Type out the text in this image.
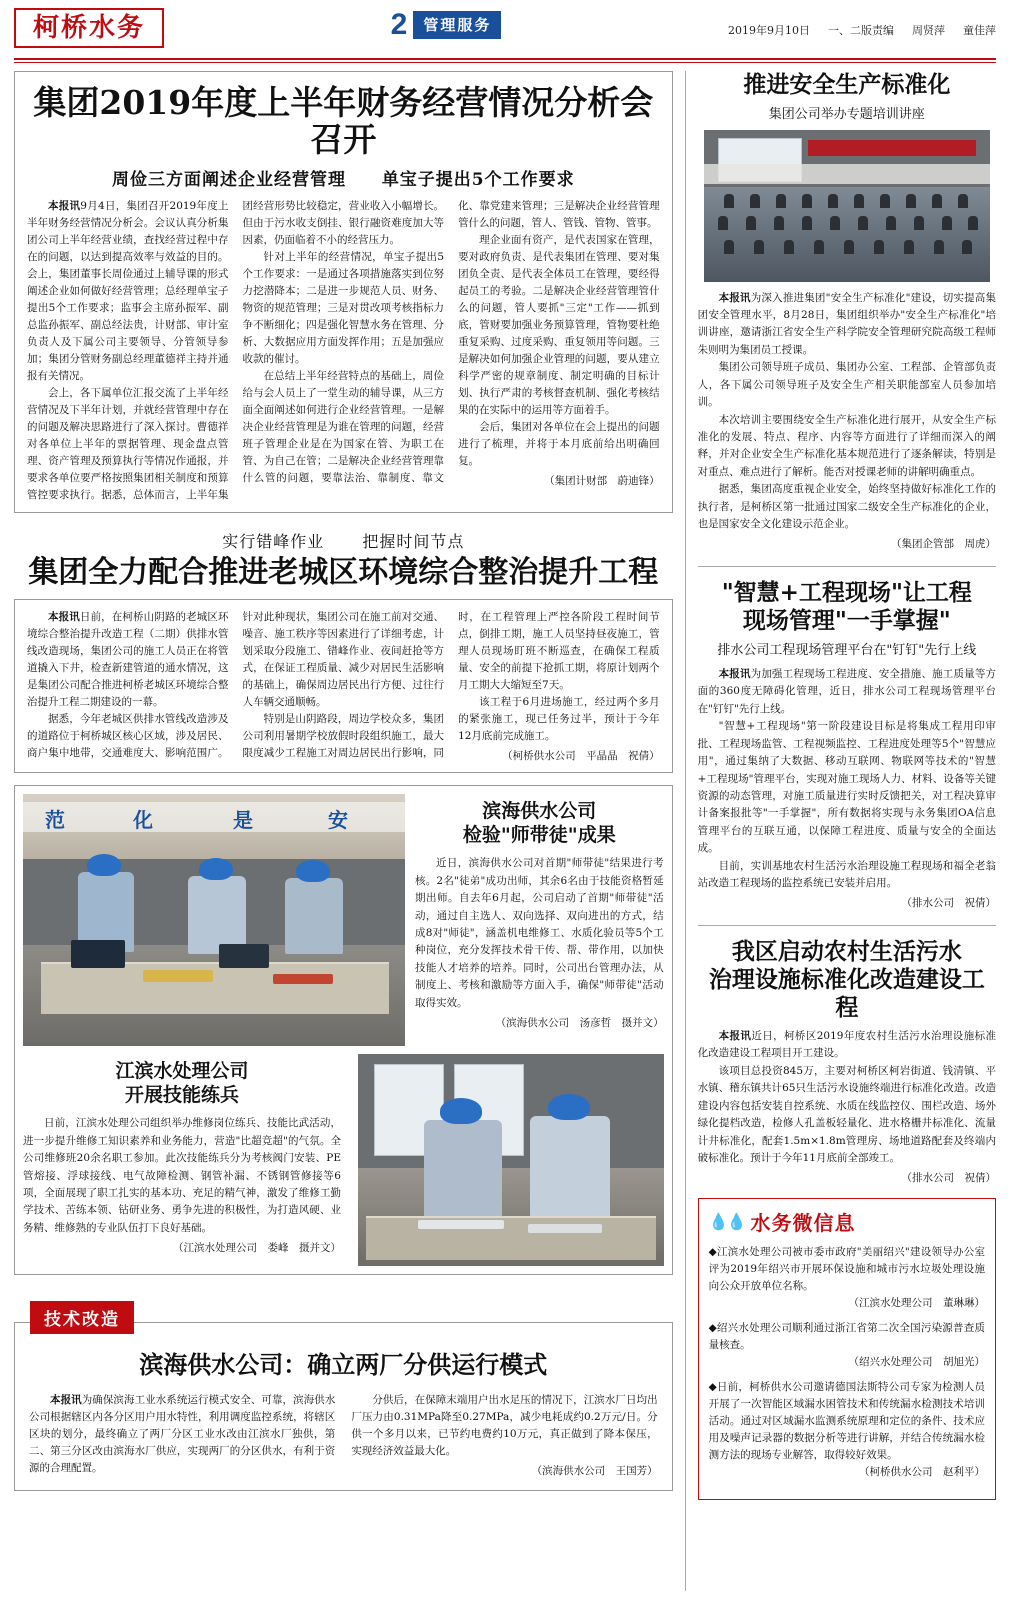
柯桥水务	2	管理服务	2019年9月10日 一、二版责编 周贤萍 童佳萍
集团2019年度上半年财务经营情况分析会召开
周俭三方面阐述企业经营管理 单宝子提出5个工作要求

本报讯9月4日，集团召开2019年度上半年财务经营情况分析会。会议认真分析集团公司上半年经营业绩，查找经营过程中存在的问题，以达到提高效率与效益的目的。会上，集团董事长周俭通过上辅导课的形式阐述企业如何做好经营管理；总经理单宝子提出5个工作要求；监事会主席孙振军、副总监孙振军、副总经法贵，计财部、审计室负责人及下属公司主要领导、分管领导参加；集团分管财务副总经理董德祥主持并通报有关情况。

会上，各下属单位汇报交流了上半年经营情况及下半年计划，并就经营管理中存在的问题及解决思路进行了深入探讨。曹德祥对各单位上半年的票据管理、现金盘点管理、资产管理及预算执行等情况作通报，并要求各单位要严格按照集团相关制度和预算管控要求执行。据悉，总体而言，上半年集团经营形势比较稳定，营业收入小幅增长。但由于污水收支倒挂、银行融资难度加大等因素，仍面临着不小的经营压力。

针对上半年的经营情况，单宝子提出5个工作要求：一是通过各项措施落实到位努力挖潜降本；二是进一步规范人员、财务、物资的规范管理；三是对贯改项考核指标力争不断细化；四是强化智慧水务在管理、分析、大数据应用方面发挥作用；五是加强应收款的催讨。

在总结上半年经营特点的基础上，周俭给与会人员上了一堂生动的辅导课，从三方面全面阐述如何进行企业经营管理。一是解决企业经营管理是为谁在管理的问题，经营班子管理企业是在为国家在管、为职工在管、为自己在管；二是解决企业经营管理靠什么管的问题，要靠法治、靠制度、靠文化、靠党建来管理；三是解决企业经营管理管什么的问题，管人、管钱、管物、管事。

理企业面有资产，是代表国家在管理，要对政府负责、是代表集团在管理、要对集团负全责、是代表全体员工在管理，要经得起员工的考验。二是解决企业经营管理管什么的问题，管人要抓"三定"工作——抓到底，管财要加强业务预算管理，管物要杜绝重复采购、过度采购、重复领用等问题。三是解决如何加强企业管理的问题，要从建立科学严密的规章制度、制定明确的目标计划、执行严肃的考核督查机制、强化考核结果的在实际中的运用等方面着手。

会后，集团对各单位在会上提出的问题进行了梳理，并将于本月底前给出明确回复。

（集团计财部　蔚迪锋）
实行错峰作业 把握时间节点
集团全力配合推进老城区环境综合整治提升工程

本报讯日前，在柯桥山阴路的老城区环境综合整治提升改造工程（二期）供排水管线改造现场，集团公司的施工人员正在将管道撬入下井，检查新建管道的通水情况，这是集团公司配合推进柯桥老城区环境综合整治提升工程二期建设的一幕。

据悉，今年老城区供排水管线改造涉及的道路位于柯桥城区核心区域，涉及居民、商户集中地带，交通难度大、影响范围广。针对此种现状，集团公司在施工前对交通、噪音、施工秩序等因素进行了详细考虑，计划采取分段施工、错峰作业、夜间赶抢等方式，在保证工程质量、减少对居民生活影响的基础上，确保周边居民出行方便、过往行人车辆交通顺畅。

特别是山阴路段，周边学校众多，集团公司利用暑期学校放假时段组织施工，最大限度减少工程施工对周边居民出行影响，同时，在工程管理上严控各阶段工程时间节点，倒排工期，施工人员坚持昼夜施工，管理人员现场盯班不断巡查，在确保工程质量、安全的前提下抢抓工期，将原计划两个月工期大大缩短至7天。

该工程于6月进场施工，经过两个多月的紧张施工，现已任务过半，预计于今年12月底前完成施工。

（柯桥供水公司　平晶晶　祝倩）
范	化	是	安	滨海供水公司
检验"师带徒"成果

近日，滨海供水公司对首期"师带徒"结果进行考核。2名"徒弟"成功出师，其余6名由于技能资格暂延期出师。自去年6月起，公司启动了首期"师带徒"活动，通过自主选人、双向选择、双向进出的方式，结成8对"师徒"，涵盖机电维修工、水质化验员等5个工种岗位，充分发挥技术骨干传、帮、带作用，以加快技能人才培养的培养。同时，公司出台管理办法，从制度上、考核和激励等方面入手，确保"师带徒"活动取得实效。

（滨海供水公司　汤彦哲　摄并文）
江滨水处理公司
开展技能练兵

日前，江滨水处理公司组织举办维修岗位练兵、技能比武活动，进一步提升维修工知识素养和业务能力，营造"比超竞超"的气氛。全公司维修班20余名职工参加。此次技能练兵分为考核阀门安装、PE管熔接、浮球接线、电气故障检测、钢管补漏、不锈钢管修接等6项，全面展现了职工扎实的基本功、充足的精气神，激发了维修工勤学技术、苦练本领、钻研业务、勇争先进的积极性，为打造风硬、业务精、维修熟的专业队伍打下良好基础。

（江滨水处理公司　娄峰　摄并文）
技术改造
滨海供水公司：确立两厂分供运行模式

本报讯为确保滨海工业水系统运行模式安全、可靠，滨海供水公司根据辖区内各分区用户用水特性，利用调度监控系统，将辖区区块的划分，最终确立了两厂分区工业水改由江滨水厂独供，第二、第三分区改由滨海水厂供应，实现两厂的分区供水，有利于资源的合理配置。

分供后，在保障末端用户出水足压的情况下，江滨水厂日均出厂压力由0.31MPa降至0.27MPa，减少电耗成约0.2万元/日。分供一个多月以来，已节约电费约10万元，真正做到了降本保压，实现经济效益最大化。

（滨海供水公司　王国芳）
推进安全生产标准化
集团公司举办专题培训讲座

本报讯为深入推进集团"安全生产标准化"建设，切实提高集团安全管理水平，8月28日，集团组织举办"安全生产标准化"培训讲座，邀请浙江省安全生产科学院安全管理研究院高级工程师朱则明为集团员工授课。

集团公司领导班子成员、集团办公室、工程部、企管部负责人，各下属公司领导班子及安全生产相关职能部室人员参加培训。

本次培训主要围绕安全生产标准化进行展开，从安全生产标准化的发展、特点、程序、内容等方面进行了详细而深入的阐释，并对企业安全生产标准化基本规范进行了逐条解读，特别是对重点、难点进行了解析。能否对授课老师的讲解明确重点。

据悉，集团高度重视企业安全，始终坚持做好标准化工作的执行者，是柯桥区第一批通过国家二级安全生产标准化的企业，也是国家安全文化建设示范企业。

（集团企管部　周虎）
"智慧+工程现场"让工程
现场管理"一手掌握"
排水公司工程现场管理平台在"钉钉"先行上线

本报讯为加强工程现场工程进度、安全措施、施工质量等方面的360度无障碍化管理，近日，排水公司工程现场管理平台在"钉钉"先行上线。

"智慧+工程现场"第一阶段建设目标是将集成工程用印审批、工程现场监管、工程视频监控、工程进度处理等5个"智慧应用"，通过集纳了大数据、移动互联网、物联网等技术的"智慧+工程现场"管理平台，实现对施工现场人力、材料、设备等关键资源的动态管理，对施工质量进行实时反馈把关，对工程决算审计备案报批等"一手掌握"，所有数据将实现与永务集团OA信息管理平台的互联互通，以保障工程进度、质量与安全的全面达成。

目前，实训基地农村生活污水治理设施工程现场和福全老翁站改造工程现场的监控系统已安装并启用。

（排水公司　祝倩）
我区启动农村生活污水
治理设施标准化改造建设工程

本报讯近日，柯桥区2019年度农村生活污水治理设施标准化改造建设工程项目开工建设。

该项目总投资845万，主要对柯桥区柯岩街道、钱清镇、平水镇、稽东镇共计65只生活污水设施终端进行标准化改造。改造建设内容包括安装自控系统、水质在线监控仪、围栏改造、场外绿化提档改造，检修人孔盖板轻量化、进水格栅井标准化、流量计井标准化，配套1.5m×1.8m管理房、场地道路配套及终端内破标准化。预计于今年11月底前全部竣工。

（排水公司　祝倩）
💧💧 水务微信息
◆江滨水处理公司被市委市政府"美丽绍兴"建设领导办公室评为2019年绍兴市开展环保设施和城市污水垃圾处理设施向公众开放单位名称。
（江滨水处理公司　董琳琳）
◆绍兴水处理公司顺利通过浙江省第二次全国污染源普查质量核查。
（绍兴水处理公司　胡旭光）
◆日前，柯桥供水公司邀请德国法斯特公司专家为检测人员开展了一次智能区域漏水困管技术和传统漏水检测技术培训活动。通过对区域漏水监测系统原理和定位的条件、技术应用及噪声记录器的数据分析等进行讲解，并结合传统漏水检测方法的现场专业解答，取得较好效果。
（柯桥供水公司　赵利平）
